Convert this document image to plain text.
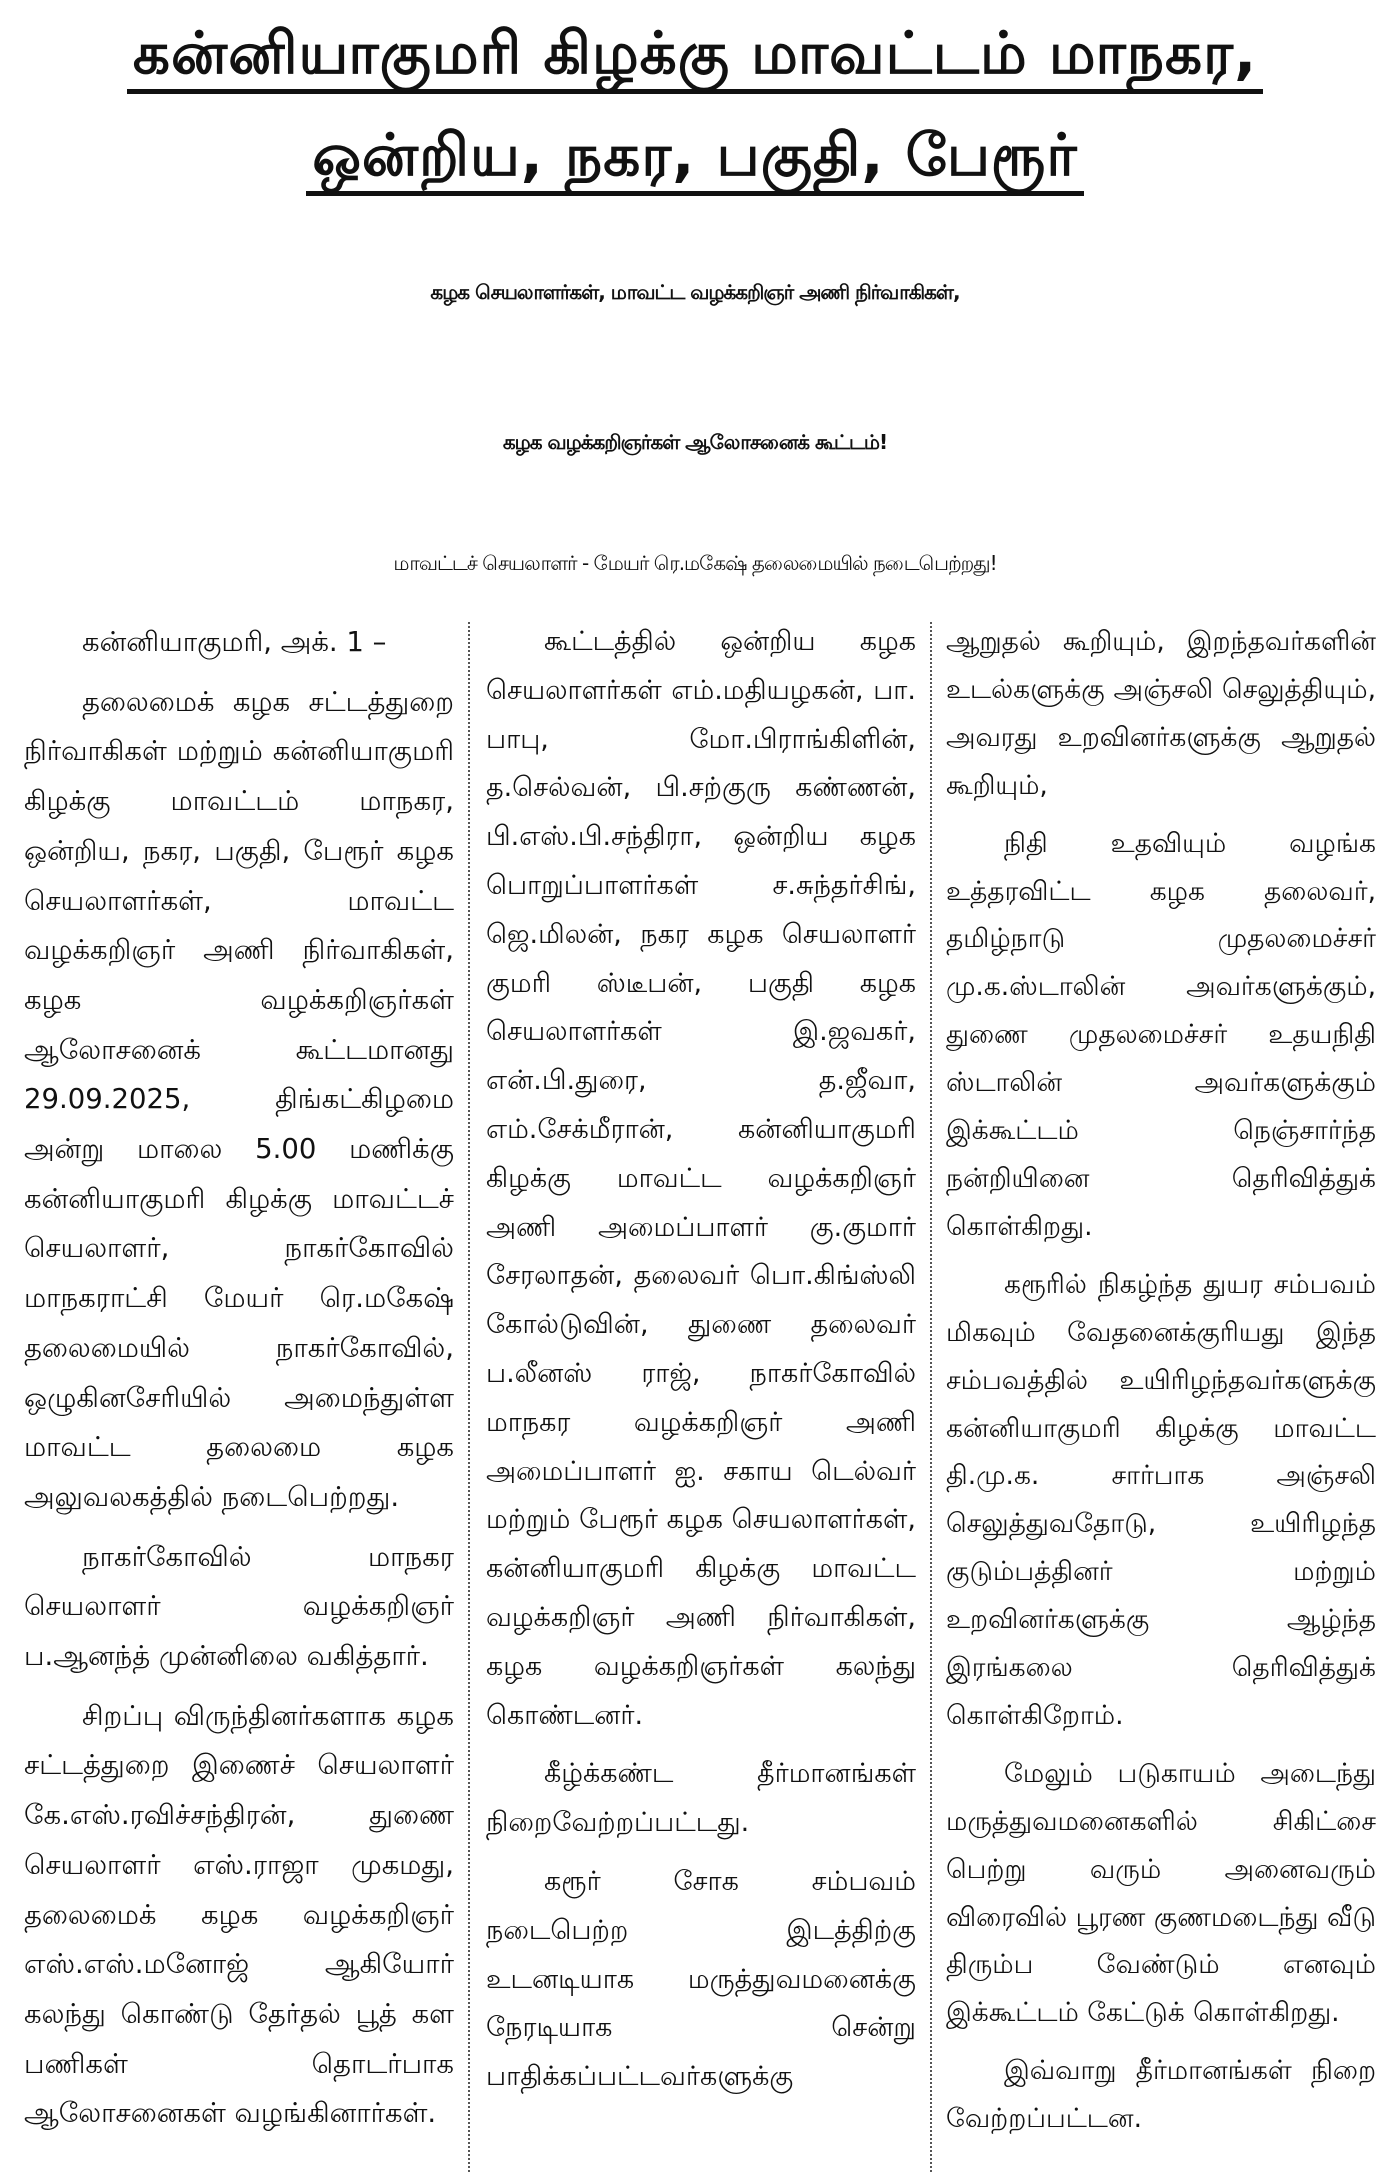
கன்னியாகுமரி கிழக்கு மாவட்டம் மாநகர,
ஒன்றிய, நகர, பகுதி, பேரூர்
கழக செயலாளர்கள், மாவட்ட வழக்கறிஞர் அணி நிர்வாகிகள்,
கழக வழக்கறிஞர்கள் ஆலோசனைக் கூட்டம்!
மாவட்டச் செயலாளர் - மேயர் ரெ.மகேஷ் தலைமையில் நடைபெற்றது!

கன்னியாகுமரி, அக். 1 –

தலைமைக் கழக சட்டத்துறை நிர்வாகிகள் மற்றும் கன்னியாகுமரி கிழக்கு மாவட்டம் மாநகர, ஒன்றிய, நகர, பகுதி, பேரூர் கழக செயலாளர்கள், மாவட்ட வழக்கறிஞர் அணி நிர்வாகிகள், கழக வழக்கறிஞர்கள் ஆலோசனைக் கூட்டமானது 29.09.2025, திங்கட்கிழமை அன்று மாலை 5.00 மணிக்கு கன்னியாகுமரி கிழக்கு மாவட்டச் செயலாளர், நாகர்கோவில் மாநகராட்சி மேயர் ரெ.மகேஷ் தலைமையில் நாகர்கோவில், ஒழுகினசேரியில் அமைந்துள்ள மாவட்ட தலைமை கழக அலுவலகத்தில் நடைபெற்றது.

நாகர்கோவில் மாநகர செயலாளர் வழக்கறிஞர் ப.ஆனந்த் முன்னிலை வகித்தார்.

சிறப்பு விருந்தினர்களாக கழக சட்டத்துறை இணைச் செயலாளர் கே.எஸ்.ரவிச்சந்திரன், துணை செயலாளர் எஸ்.ராஜா முகமது, தலைமைக் கழக வழக்கறிஞர் எஸ்.எஸ்.மனோஜ் ஆகியோர் கலந்து கொண்டு தேர்தல் பூத் கள பணிகள் தொடர்பாக ஆலோசனைகள் வழங்கினார்கள்.

கூட்டத்தில் ஒன்றிய கழக செயலாளர்கள் எம்.மதியழகன், பா. பாபு, மோ.பிராங்கிளின், த.செல்வன், பி.சற்குரு கண்ணன், பி.எஸ்.பி.சந்திரா, ஒன்றிய கழக பொறுப்பாளர்கள் ச.சுந்தர்சிங், ஜெ.மிலன், நகர கழக செயலாளர் குமரி ஸ்டீபன், பகுதி கழக செயலாளர்கள் இ.ஜவகர், என்.பி.துரை, த.ஜீவா, எம்.சேக்மீரான், கன்னியாகுமரி கிழக்கு மாவட்ட வழக்கறிஞர் அணி அமைப்பாளர் கு.குமார் சேரலாதன், தலைவர் பொ.கிங்ஸ்லி கோல்டுவின், துணை தலைவர் ப.லீனஸ் ராஜ், நாகர்கோவில் மாநகர வழக்கறிஞர் அணி அமைப்பாளர் ஐ. சகாய டெல்வர் மற்றும் பேரூர் கழக செயலாளர்கள், கன்னியாகுமரி கிழக்கு மாவட்ட வழக்கறிஞர் அணி நிர்வாகிகள், கழக வழக்கறிஞர்கள் கலந்து கொண்டனர்.

கீழ்க்கண்ட தீர்மானங்கள் நிறைவேற்றப்பட்டது.

கரூர் சோக சம்பவம் நடைபெற்ற இடத்திற்கு உடனடியாக மருத்துவமனைக்கு நேரடியாக சென்று பாதிக்கப்பட்டவர்களுக்கு

ஆறுதல் கூறியும், இறந்தவர்களின் உடல்களுக்கு அஞ்சலி செலுத்தியும், அவரது உறவினர்களுக்கு ஆறுதல் கூறியும்,

நிதி உதவியும் வழங்க உத்தரவிட்ட கழக தலைவர், தமிழ்நாடு முதலமைச்சர் மு.க.ஸ்டாலின் அவர்களுக்கும், துணை முதலமைச்சர் உதயநிதி ஸ்டாலின் அவர்களுக்கும் இக்கூட்டம் நெஞ்சார்ந்த நன்றியினை தெரிவித்துக் கொள்கிறது.

கரூரில் நிகழ்ந்த துயர சம்பவம் மிகவும் வேதனைக்குரியது இந்த சம்பவத்தில் உயிரிழந்தவர்களுக்கு கன்னியாகுமரி கிழக்கு மாவட்ட தி.மு.க. சார்பாக அஞ்சலி செலுத்துவதோடு, உயிரிழந்த குடும்பத்தினர் மற்றும் உறவினர்களுக்கு ஆழ்ந்த இரங்கலை தெரிவித்துக் கொள்கிறோம்.

மேலும் படுகாயம் அடைந்து மருத்துவமனைகளில் சிகிட்சை பெற்று வரும் அனைவரும் விரைவில் பூரண குணமடைந்து வீடு திரும்ப வேண்டும் எனவும் இக்கூட்டம் கேட்டுக் கொள்கிறது.

இவ்வாறு தீர்மானங்கள் நிறை வேற்றப்பட்டன.
